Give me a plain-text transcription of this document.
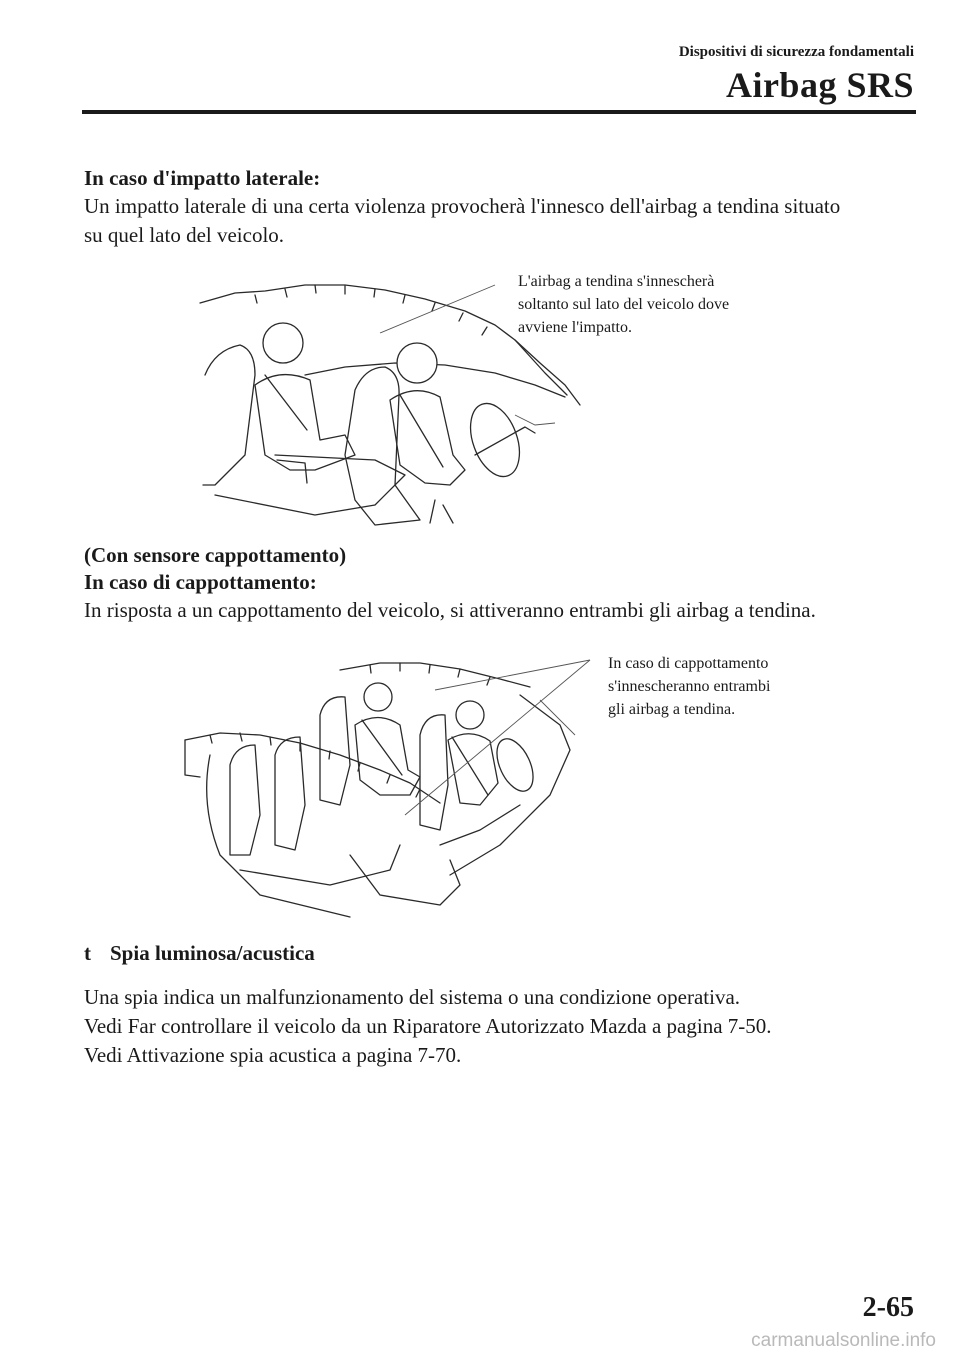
Dispositivi di sicurezza fondamentali
Airbag SRS
In caso d'impatto laterale:
Un impatto laterale di una certa violenza provocherà l'innesco dell'airbag a tendina situato
su quel lato del veicolo.
L'airbag a tendina s'innescherà
soltanto sul lato del veicolo dove
avviene l'impatto.
(Con sensore cappottamento)
In caso di cappottamento:
In risposta a un cappottamento del veicolo, si attiveranno entrambi gli airbag a tendina.
In caso di cappottamento
s'innescheranno entrambi
gli airbag a tendina.
t Spia luminosa/acustica
Una spia indica un malfunzionamento del sistema o una condizione operativa.
Vedi Far controllare il veicolo da un Riparatore Autorizzato Mazda a pagina 7-50.
Vedi Attivazione spia acustica a pagina 7-70.
2-65
carmanualsonline.info
